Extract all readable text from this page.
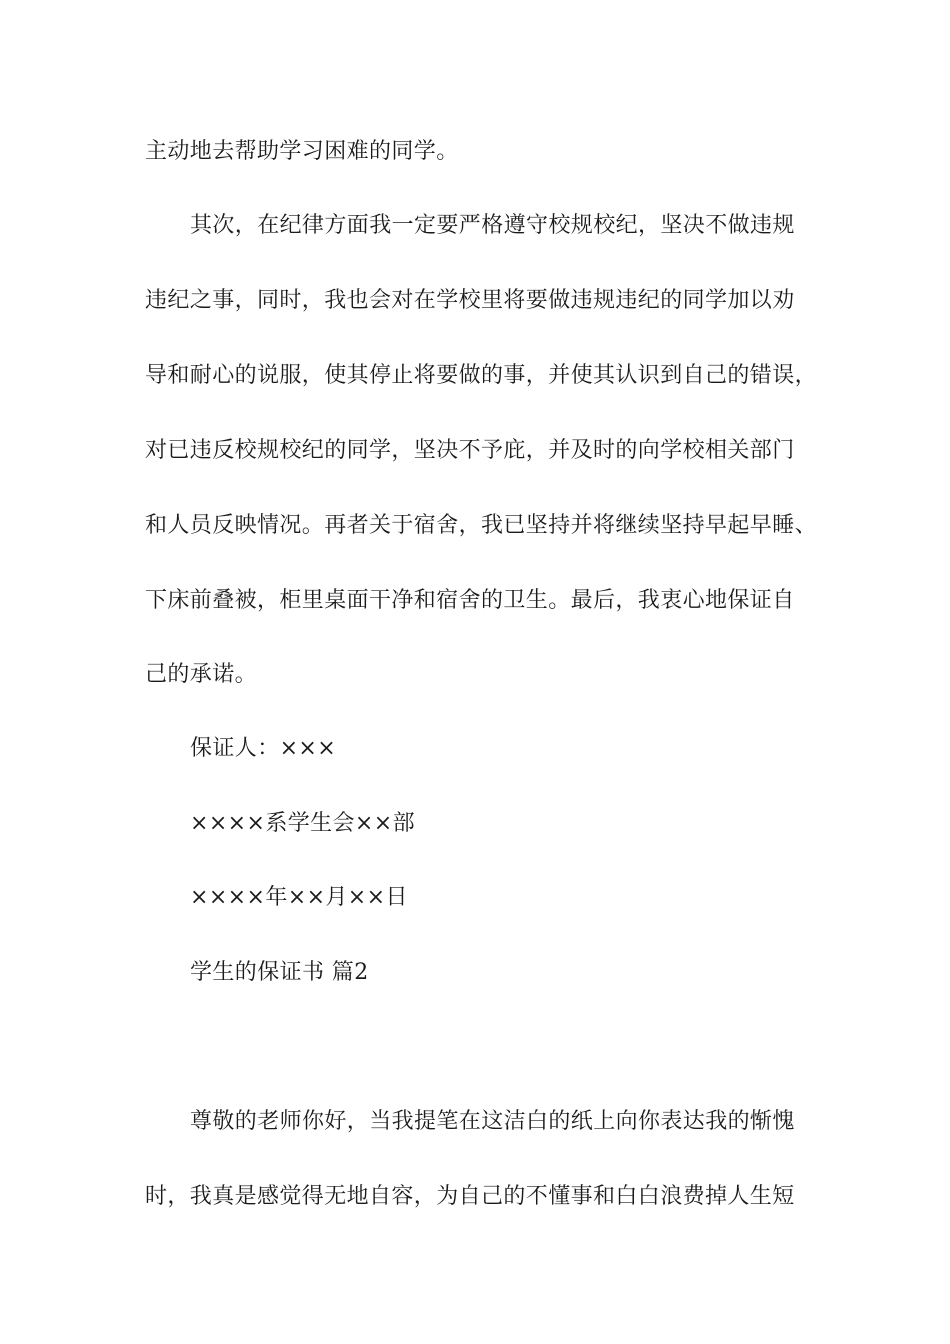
主动地去帮助学习困难的同学。
其次，在纪律方面我一定要严格遵守校规校纪，坚决不做违规
违纪之事，同时，我也会对在学校里将要做违规违纪的同学加以劝
导和耐心的说服，使其停止将要做的事，并使其认识到自己的错误，
对已违反校规校纪的同学，坚决不予庇，并及时的向学校相关部门
和人员反映情况。再者关于宿舍，我已坚持并将继续坚持早起早睡、
下床前叠被，柜里桌面干净和宿舍的卫生。最后，我衷心地保证自
己的承诺。
保证人：×××
××××系学生会××部
××××年××月××日
学生的保证书 篇2
尊敬的老师你好，当我提笔在这洁白的纸上向你表达我的惭愧
时，我真是感觉得无地自容，为自己的不懂事和白白浪费掉人生短
